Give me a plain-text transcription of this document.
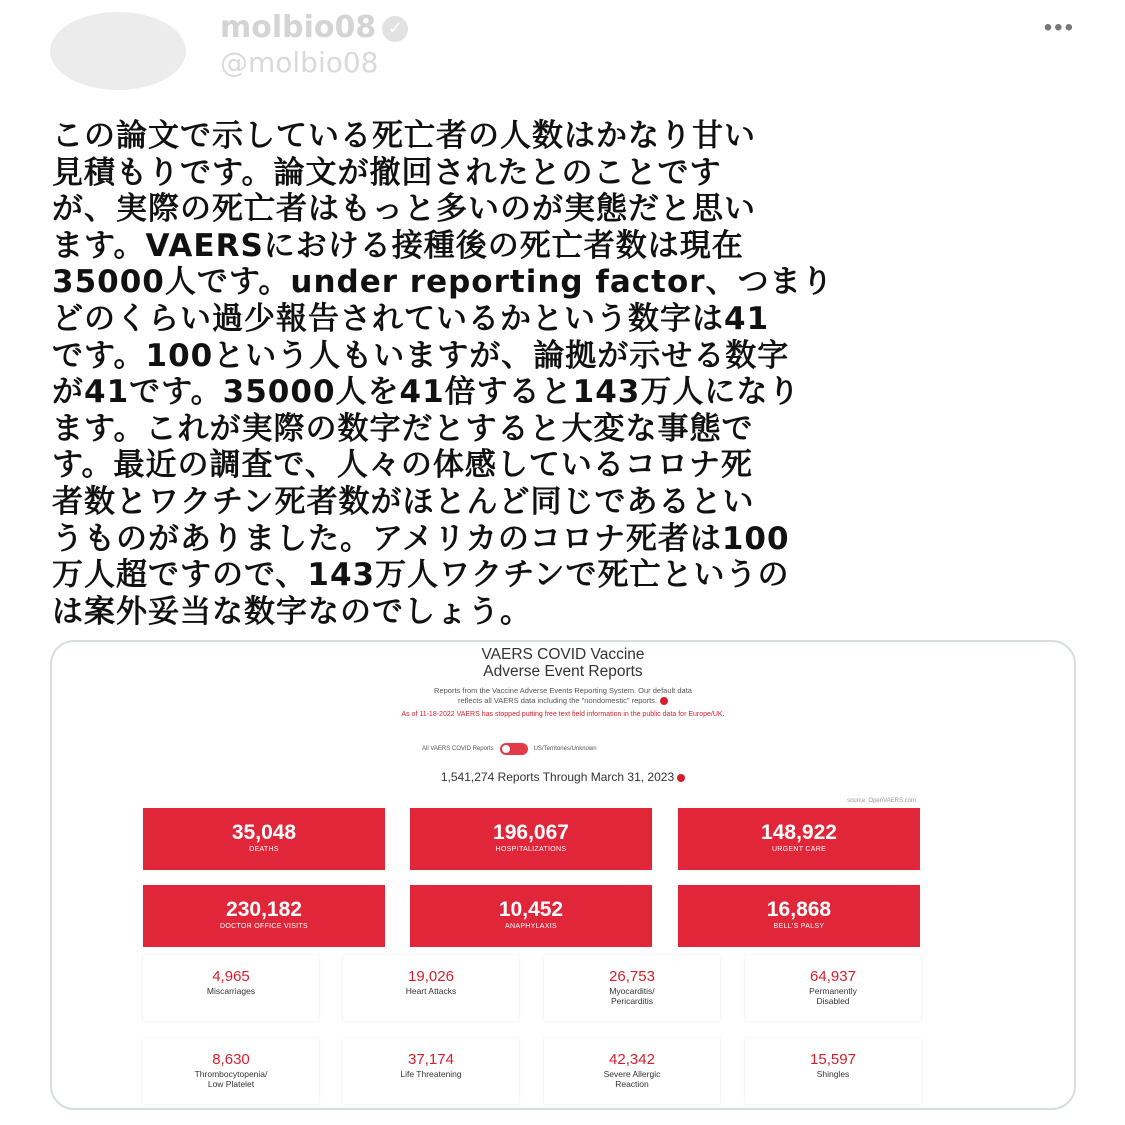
molbio08 ✓
@molbio08
•••
この論文で示している死亡者の人数はかなり甘い
見積もりです。論文が撤回されたとのことです
が、実際の死亡者はもっと多いのが実態だと思い
ます。VAERSにおける接種後の死亡者数は現在
35000人です。under reporting factor、つまり
どのくらい過少報告されているかという数字は41
です。100という人もいますが、論拠が示せる数字
が41です。35000人を41倍すると143万人になり
ます。これが実際の数字だとすると大変な事態で
す。最近の調査で、人々の体感しているコロナ死
者数とワクチン死者数がほとんど同じであるとい
うものがありました。アメリカのコロナ死者は100
万人超ですので、143万人ワクチンで死亡というの
は案外妥当な数字なのでしょう。
VAERS COVID Vaccine
Adverse Event Reports
Reports from the Vaccine Adverse Events Reporting System. Our default data
reflects all VAERS data including the "nondomestic" reports.
As of 11-18-2022 VAERS has stopped putting free text field information in the public data for Europe/UK.
All VAERS COVID Reports	US/Territories/Unknown
1,541,274 Reports Through March 31, 2023
source: OpenVAERS.com
35,048
DEATHS
196,067
HOSPITALIZATIONS
148,922
URGENT CARE
230,182
DOCTOR OFFICE VISITS
10,452
ANAPHYLAXIS
16,868
BELL'S PALSY
4,965
Miscarriages
19,026
Heart Attacks
26,753
Myocarditis/
Pericarditis
64,937
Permanently
Disabled
8,630
Thrombocytopenia/
Low Platelet
37,174
Life Threatening
42,342
Severe Allergic
Reaction
15,597
Shingles
